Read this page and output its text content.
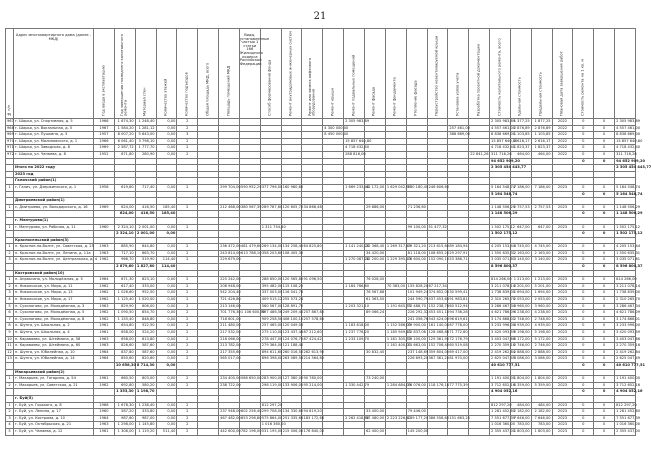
21
№ п/п	Адрес многоквартирного дома (далее - МКД)	Год ввода в эксплуатацию	Год завершения последнего капитального ремонта	Материал стен	Количество этажей	Количество подъездов	Общая площадь МКД, всего	Площадь помещений МКД	Виды, установленные частью 1 статьи 166 Жилищного кодекса Российской Федерации	Способ формирования фонда	Ремонт внутридомовых инженерных систем	Ремонт или замена лифтового оборудования	Ремонт крыши	Ремонт подвальных помещений	Ремонт фасада	Ремонт фундамента	Утепление фасада	Переустройство невентилируемой крыши	Установка узлов учета	Разработка проектной документации	Стоимость капитального ремонта, всего	Удельная стоимость	Предельная стоимость	Плановая дата завершения работ	Стоимость ремонта на 1 кв. м		
967	г. Шарья, ул. Спортивная, д. 5	1966	1 674,30	1 248,40	0,00	2								2 305 983,89							2 305 983,89	1 377,25	1 877,25	2022	0	0	2 305 983,89
968	г. Шарья, ул. Вокзальная, д. 5	1967	1 584,20	1 281,12	0,00	2							4 300 000,00						257 461,00		4 557 461,00	2 876,89	2 876,89	2022	0	0	4 557 461,00
969	г. Шарья, ул. Пушкина, д. 3	1957	8 007,20	5 643,00	0,00	3							8 450 000,00						388 669,00		8 838 669,00	1 103,85	1 103,85	2022	0	0	8 838 669,00
970	г. Шарья, ул. Малиновского, д. 1	1966	6 061,40	3 798,10	0,00	2								15 857 640,80							15 857 640,80	2 616,17	2 616,17	2022	0	0	15 857 640,80
971	г. Шарья, ул. Заводская, д. 8	1969	2 587,72	1 777,70	0,00	2								4 718 432,40							4 718 432,40	1 823,37	1 823,37	2022	0	0	4 718 432,40
972	г. Шарья, ул. Чапаева, д. 8	1952	671,80	280,90	0,00	2								288 816,00						22 841,26	311 716,26	464,00	464,00	2022	0	0	311 716,26
																					94 652 909,20				0	0	94 652 909,20
	Итого по 2022 году																				2 305 454 443,77						2 305 454 443,77
	2023 год																										
	Галичский район(1)																										
1	г. Галич, ул. Дзержинского, д. 1	1956	619,60	717,40	0,00	2		299 704,00	590 952,29	377 796,00	160 980,60			1 669 233,40	42 172,00	1 629 042,99	130 180,40	246 606,60			5 164 548,74	7 186,00	7 186,00	2023	0	0	5 164 548,74
																					5 164 548,74				0	0	5 164 548,74
	Дмитриевский район(1)																										
1	с. Дмитриево, ул. Володарского, д. 16	1969	624,00	416,50	185,40	2		212 468,00	380 567,39	289 787,60	120 605,70	34 866,46			29 886,00		71 236,60				1 148 506,29	2 757,53	2 757,53	2023	0	0	1 148 506,29
			624,00	416,50	185,40																1 148 506,29				0	0	1 148 506,29
	г. Мантурово(1)																										
1	г. Мантурово, ул. Рабочая, д. 11	1960	2 324,10	2 001,00	0,00	2				1 311 754,40							99 100,00	51 477,32			1 502 175,12	647,00	647,00	2023	0	0	1 502 175,12
			2 324,10	2 001,00	0,00																1 502 175,12				0	0	1 502 175,12
	Красносельский район(3)																										
1	п. Красное-на-Волге, ул. Советская, д. 25	1963	885,90	644,80	0,00	2		236 472,00	481 479,60	269 134,00	134 258,40	64 825,80		1 141 240,20	22 368,40	1 269 317,40	79 321,20	213 615,60	89 184,94		4 205 153,44	4 745,00	4 745,00	2023	0	0	4 205 153,44
2	п. Красное-на-Волге, ул. Ленина, д. 11а	1963	717,10	663,70	0,00	2		243 814,00	613 788,10	358 203,60	108 405,30				34 420,00		81 118,00	108 655,20	29 297,91		1 550 635,31	2 163,00	2 163,00	2023	0	0	1 550 635,31
3	п. Красное-на-Волге, ул. Центральная, д. 4	1962	966,70	519,90	114,40	2		229 679,00						1 270 087,20	32 200,00	1 229 395,10	78 600,00	152 090,10	53 386,71		3 035 071,81	3 140,00	3 140,00	2023	0	0	3 035 071,81
			2 879,60	1 827,80	114,40																8 596 800,37				0	0	8 596 800,37
	Костромской район(10)																										
1	п. Апраксино, ул. Молодёжная, д. 5	1964	671,30	623,10	0,00	2		225 242,00		288 650,00	120 565,80	91 096,50			76 028,00						814 266,00	1 213,00	1 213,00	2023	0	0	814 266,00
2	п. Никольское, ул. Мира, д. 11	1962	617,40	333,00	0,00	2		208 948,00		395 482,00	115 108,20			1 184 766,60		70 383,00	155 828,20	67 217,34			3 211 078,14	5 201,00	5 201,00	2023	0	0	3 211 078,14
3	п. Никольское, ул. Мира, д. 13	1962	1 026,60	952,50	0,00	2		542 204,40		337 003,00	116 041,76				76 567,88		101 949,24	374 852,00	30 599,41		1 738 839,00	1 694,00	1 694,00	2023	0	0	1 738 839,00
4	п. Никольское, ул. Мира, д. 17	1962	1 125,40	1 020,00	0,00	2		721 426,80		409 515,12	255 573,24				61 363,50		244 590,79	437 453,64	91 983,81		2 310 265,70	2 053,00	2 053,00	2023	0	0	2 310 265,70
5	п. Сухоногово, ул. Молодёжная, д. 3	1963	829,90	606,00	0,00	2		213 146,00		560 567,00	128 891,70			1 203 321,10		1 191 645,70	72 488,70	152 238,76	60 512,94		3 286 467,34	3 960,00	3 960,00	2023	0	0	3 286 467,34
6	п. Сухоногово, ул. Молодёжная, д. 5	1962	1 090,50	854,70	0,00	2		701 776,30	1 106 600,70	697 486,56	249 209,40	257 867,80			89 066,24		226 292,32	453 451,10	94 736,28		4 621 786,09	4 238,00	4 238,00	2023	0	0	4 621 786,09
7	п. Сухоногово, ул. Молодёжная, д. 8	1962	1 155,40	848,80	0,00	2		718 601,00		909 258,50	408 100,15	257 578,60					241 056,76	543 424,00	96 619,61		3 174 868,01	2 748,00	2 748,00	2023	0	0	3 174 868,01
8	п. Шунга, ул. Школьная, д. 2	1961	654,80	522,50	0,00	2		211 480,00		257 465,00	120 049,00			1 183 618,00		1 152 566,00	79 900,00	161 140,00	67 778,00		3 233 996,00	4 939,00	4 939,00	2023	0	0	3 233 996,00
9	п. Шунга, ул. Школьная, д. 4	1961	658,00	524,20	0,00	2		217 532,00		275 110,00	123 437,46	87 212,60		1 237 776,20		1 185 949,40	72 837,06	128 468,86	71 772,60		3 420 093,59	5 198,00	5 198,00	2023	0	0	3 420 093,59
10	п. Караваево, ул. Штеймана, д. 58	1963	658,00	613,80	0,00	2		218 066,00		278 447,00	124 076,70	87 424,42		1 233 109,70		1 181 305,70	79 100,00	129 361,95	72 176,79		3 403 047,66	5 172,00	5 172,00	2023	0	0	3 403 047,66
11	п. Караваево, ул. Штеймана, д. 60	1963	826,60	587,60	0,00	2		213 782,00		279 364,00	121 188,40					1 161 400,00	71 663,00	152 706,40	60 519,08		2 270 359,16	2 746,00	2 746,00	2023	0	0	2 270 359,16
12	п. Шунга, ул. Юбилейная, д. 10	1964	837,80	587,60	0,00	2		217 355,60		894 611,60	260 016,50	262 613,90			30 832,40		237 148,69	359 804,00	69 417,00		2 419 262,84	2 888,00	2 888,00	2023	0	0	2 419 262,84
13	п. Шунга, ул. Юбилейная, д. 14	1964	850,60	620,60	0,00	2		565 017,00		896 398,00	263 089,56	214 564,65					226 693,20	367 361,20	81 970,00		2 625 047,49	3 086,00	3 086,00	2023	0	0	2 625 047,49
			10 658,30	8 714,30	0,00																40 610 777,51				0	0	40 610 777,51
	Макарьевский район(2)																										
1	г. Макарьев, ул. Гагарина, д. 54	1961	660,50	603,00	0,00	2		234 400,00	586 650,00	283 900,00	127 380,00	90 780,00			73 240,00						1 191 400,00	1 804,00	1 804,00	2023	0	0	1 191 400,00
2	г. Макарьев, ул. Советская, д. 21	1962	692,80	580,20	0,00	2		238 722,00		298 119,00	133 906,00	95 214,00		1 330 442,79		1 284 684,00	76 076,00	118 176,16	77 775,39		3 712 652,16	5 359,00	5 359,00	2023	0	0	3 712 652,16
			1 353,30	1 198,70																	4 904 052,16				0	0	4 904 052,16
	г. Буй(5)																										
1	г. Буй, ул. Горького, д. 8	1968	1 678,30	1 238,40	0,00	2				812 297,20											812 297,20	484,00	484,00	2023	0	0	812 297,20
2	г. Буй, ул. Ленина, д. 17	1960	587,20	333,80	0,00	2		237 948,00	602 256,40	299 708,00	134 330,60	94 819,20			33 400,00		79 446,00				1 281 452,60	2 182,00	2 182,00	2023	0	0	1 281 452,60
3	г. Буй, ул. Кострома, д. 10	1964	987,60	987,00	0,00	2		467 482,00	853 298,80	575 864,00	251 335,66	183 172,68		2 262 418,80	57 480,00	2 223 226,40	139 177,20	386 558,60	151 663,25		7 551 677,39	7 646,00	7 646,00	2023	0	0	7 551 677,39
4	г. Буй, ул. Октябрьская, д. 21	1963	1 298,00	1 145,80	0,00	2				1 016 360,00											1 016 360,00	783,00	783,00	2023	0	0	1 016 360,00
5	г. Буй, ул. Чапаева, д. 12	1961	1 306,00	1 119,20	511,40	2		442 600,00	782 196,00	531 195,00	215 006,00	176 840,00			62 400,00		145 200,00				2 355 437,00	1 803,00	1 803,00	2023	0	0	2 355 437,00
